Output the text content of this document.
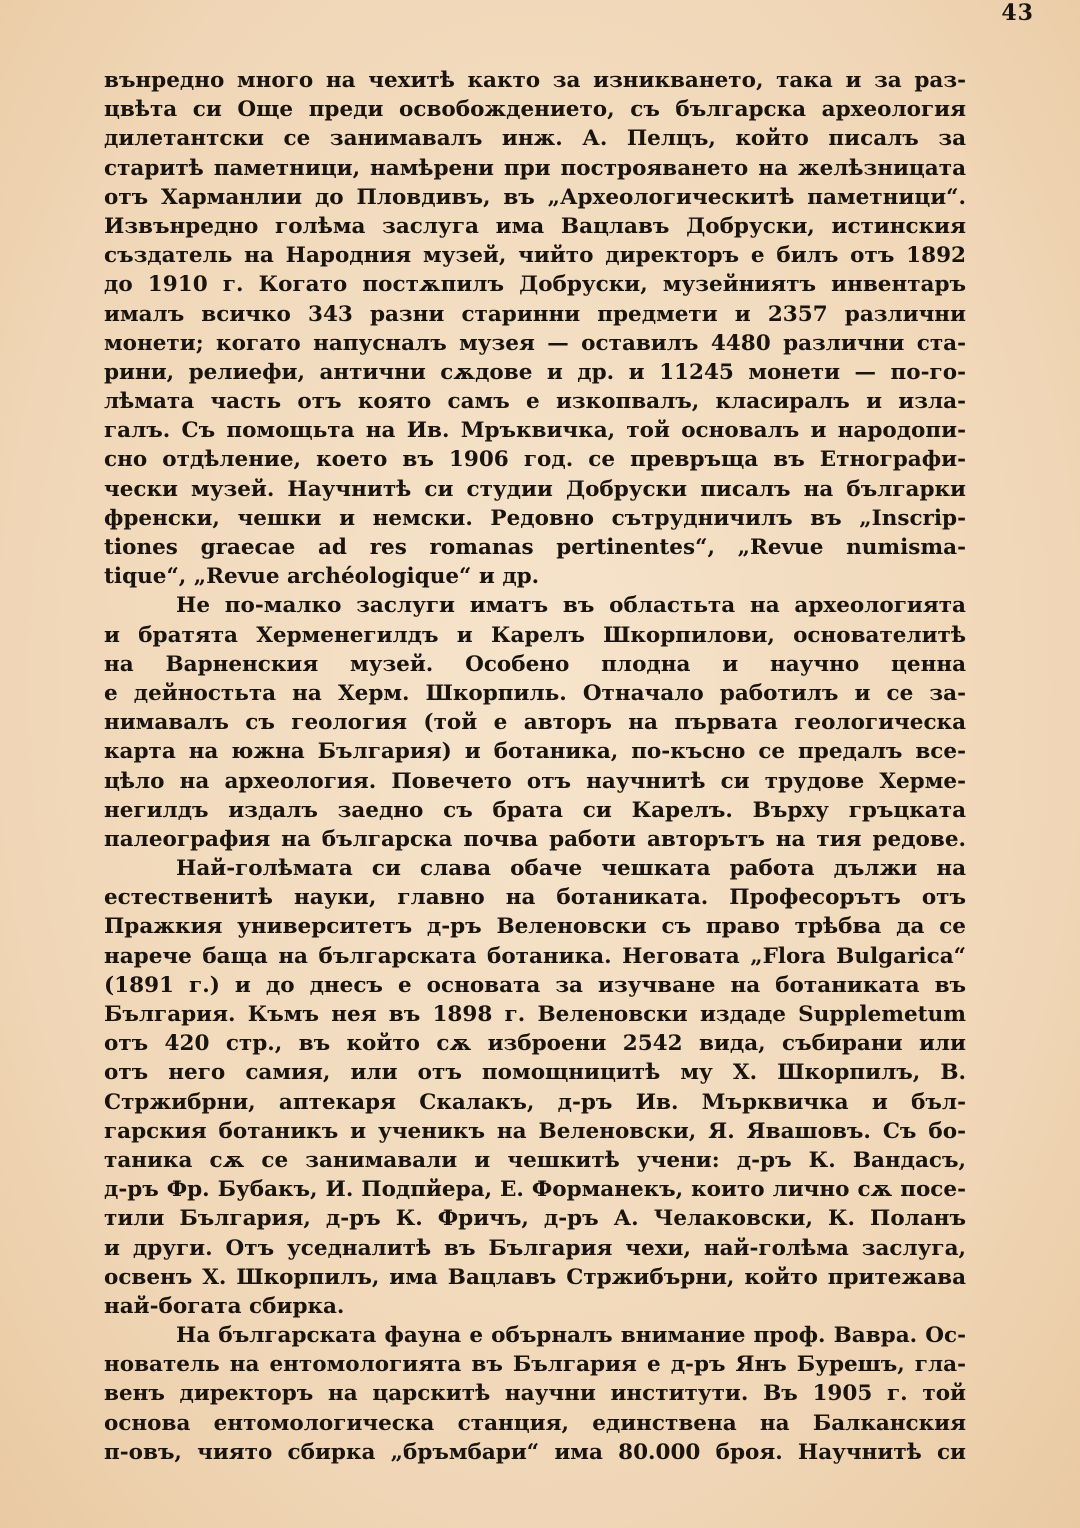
43
вънредно много на чехитѣ както за изникването, така и за раз-
цвѣта си Още преди освобождението, съ българска археология
дилетантски се занимавалъ инж. А. Пелцъ, който писалъ за
старитѣ паметници, намѣрени при построяването на желѣзницата
отъ Харманлии до Пловдивъ, въ „Археологическитѣ паметници“.
Извънредно голѣма заслуга има Вацлавъ Добруски, истинския
създатель на Народния музей, чийто директоръ е билъ отъ 1892
до 1910 г. Когато постѫпилъ Добруски, музейниятъ инвентаръ
ималъ всичко 343 разни старинни предмети и 2357 различни
монети; когато напусналъ музея — оставилъ 4480 различни ста-
рини, релиефи, антични сѫдове и др. и 11245 монети — по-го-
лѣмата часть отъ която самъ е изкопвалъ, класиралъ и изла-
галъ. Съ помощьта на Ив. Мръквичка, той основалъ и народопи-
сно отдѣление, което въ 1906 год. се превръща въ Етнографи-
чески музей. Научнитѣ си студии Добруски писалъ на българки
френски, чешки и немски. Редовно сътрудничилъ въ „Inscrip-
tiones graecae ad res romanas pertinentes“, „Revue numisma-
tique“, „Revue archéologique“ и др.
Не по-малко заслуги иматъ въ областьта на археологията
и братята Херменегилдъ и Карелъ Шкорпилови, основателитѣ
на Варненския музей. Особено плодна и научно ценна
е дейностьта на Херм. Шкорпиль. Отначало работилъ и се за-
нимавалъ съ геология (той е авторъ на първата геологическа
карта на южна България) и ботаника, по-късно се предалъ все-
цѣло на археология. Повечето отъ научнитѣ си трудове Херме-
негилдъ издалъ заедно съ брата си Карелъ. Върху гръцката
палеография на българска почва работи авторътъ на тия редове.
Най-голѣмата си слава обаче чешката работа дължи на
естественитѣ науки, главно на ботаниката. Професорътъ отъ
Пражкия университетъ д-ръ Веленовски съ право трѣбва да се
нарече баща на българската ботаника. Неговата „Flora Bulgarica“
(1891 г.) и до днесъ е основата за изучване на ботаниката въ
България. Къмъ нея въ 1898 г. Веленовски издаде Supplemetum
отъ 420 стр., въ който сѫ изброени 2542 вида, събирани или
отъ него самия, или отъ помощницитѣ му Х. Шкорпилъ, В.
Стржибрни, аптекаря Скалакъ, д-ръ Ив. Мърквичка и бъл-
гарския ботаникъ и ученикъ на Веленовски, Я. Явашовъ. Съ бо-
таника сѫ се занимавали и чешкитѣ учени: д-ръ К. Вандасъ,
д-ръ Фр. Бубакъ, И. Подпйера, Е. Форманекъ, които лично сѫ посе-
тили България, д-ръ К. Фричъ, д-ръ А. Челаковски, К. Поланъ
и други. Отъ уседналитѣ въ България чехи, най-голѣма заслуга,
освенъ Х. Шкорпилъ, има Вацлавъ Стржибърни, който притежава
най-богата сбирка.
На българската фауна е обърналъ внимание проф. Вавра. Ос-
нователь на ентомологията въ България е д-ръ Янъ Бурешъ, гла-
венъ директоръ на царскитѣ научни институти. Въ 1905 г. той
основа ентомологическа станция, единствена на Балканския
п-овъ, чиято сбирка „бръмбари“ има 80.000 броя. Научнитѣ си
